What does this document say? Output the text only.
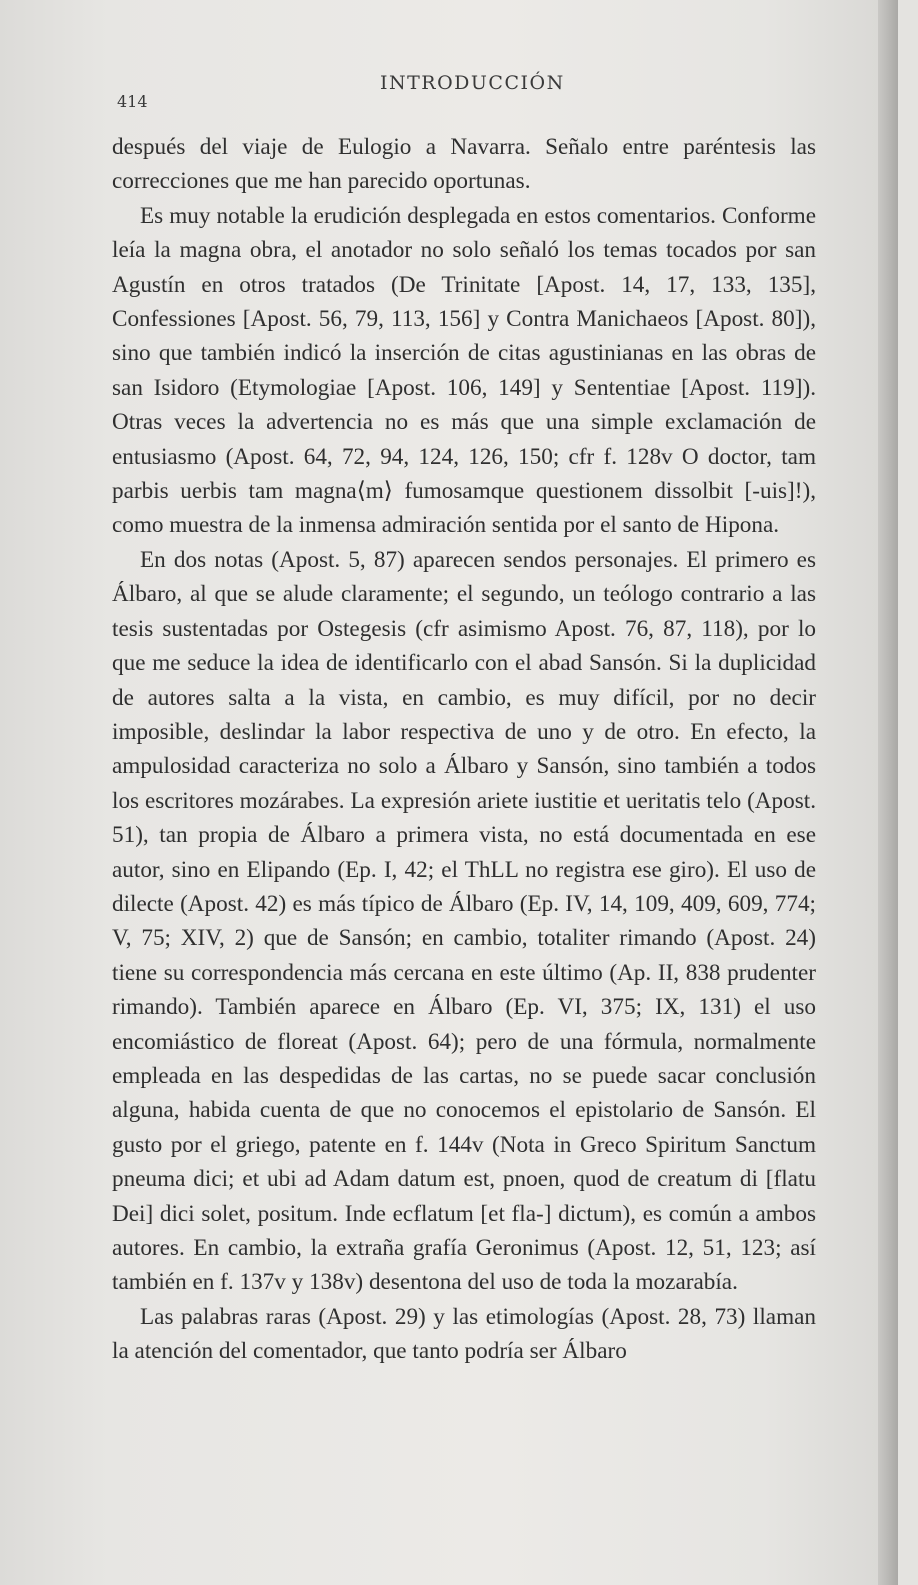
INTRODUCCIÓN
414

después del viaje de Eulogio a Navarra. Señalo entre paréntesis las correcciones que me han parecido oportunas.

Es muy notable la erudición desplegada en estos comentarios. Conforme leía la magna obra, el anotador no solo señaló los temas tocados por san Agustín en otros tratados (De Trinitate [Apost. 14, 17, 133, 135], Confessiones [Apost. 56, 79, 113, 156] y Contra Manichaeos [Apost. 80]), sino que también indicó la inserción de citas agustinianas en las obras de san Isidoro (Etymologiae [Apost. 106, 149] y Sententiae [Apost. 119]). Otras veces la advertencia no es más que una simple exclamación de entusiasmo (Apost. 64, 72, 94, 124, 126, 150; cfr f. 128v O doctor, tam parbis uerbis tam magna⟨m⟩ fumosamque questionem dissolbit [-uis]!), como muestra de la inmensa admiración sentida por el santo de Hipona.

En dos notas (Apost. 5, 87) aparecen sendos personajes. El primero es Álbaro, al que se alude claramente; el segundo, un teólogo contrario a las tesis sustentadas por Ostegesis (cfr asimismo Apost. 76, 87, 118), por lo que me seduce la idea de identificarlo con el abad Sansón. Si la duplicidad de autores salta a la vista, en cambio, es muy difícil, por no decir imposible, deslindar la labor respectiva de uno y de otro. En efecto, la ampulosidad caracteriza no solo a Álbaro y Sansón, sino también a todos los escritores mozárabes. La expresión ariete iustitie et ueritatis telo (Apost. 51), tan propia de Álbaro a primera vista, no está documentada en ese autor, sino en Elipando (Ep. I, 42; el ThLL no registra ese giro). El uso de dilecte (Apost. 42) es más típico de Álbaro (Ep. IV, 14, 109, 409, 609, 774; V, 75; XIV, 2) que de Sansón; en cambio, totaliter rimando (Apost. 24) tiene su correspondencia más cercana en este último (Ap. II, 838 prudenter rimando). También aparece en Álbaro (Ep. VI, 375; IX, 131) el uso encomiástico de floreat (Apost. 64); pero de una fórmula, normalmente empleada en las despedidas de las cartas, no se puede sacar conclusión alguna, habida cuenta de que no conocemos el epistolario de Sansón. El gusto por el griego, patente en f. 144v (Nota in Greco Spiritum Sanctum pneuma dici; et ubi ad Adam datum est, pnoen, quod de creatum di [flatu Dei] dici solet, positum. Inde ecflatum [et fla-] dictum), es común a ambos autores. En cambio, la extraña grafía Geronimus (Apost. 12, 51, 123; así también en f. 137v y 138v) desentona del uso de toda la mozarabía.

Las palabras raras (Apost. 29) y las etimologías (Apost. 28, 73) llaman la atención del comentador, que tanto podría ser Álbaro
